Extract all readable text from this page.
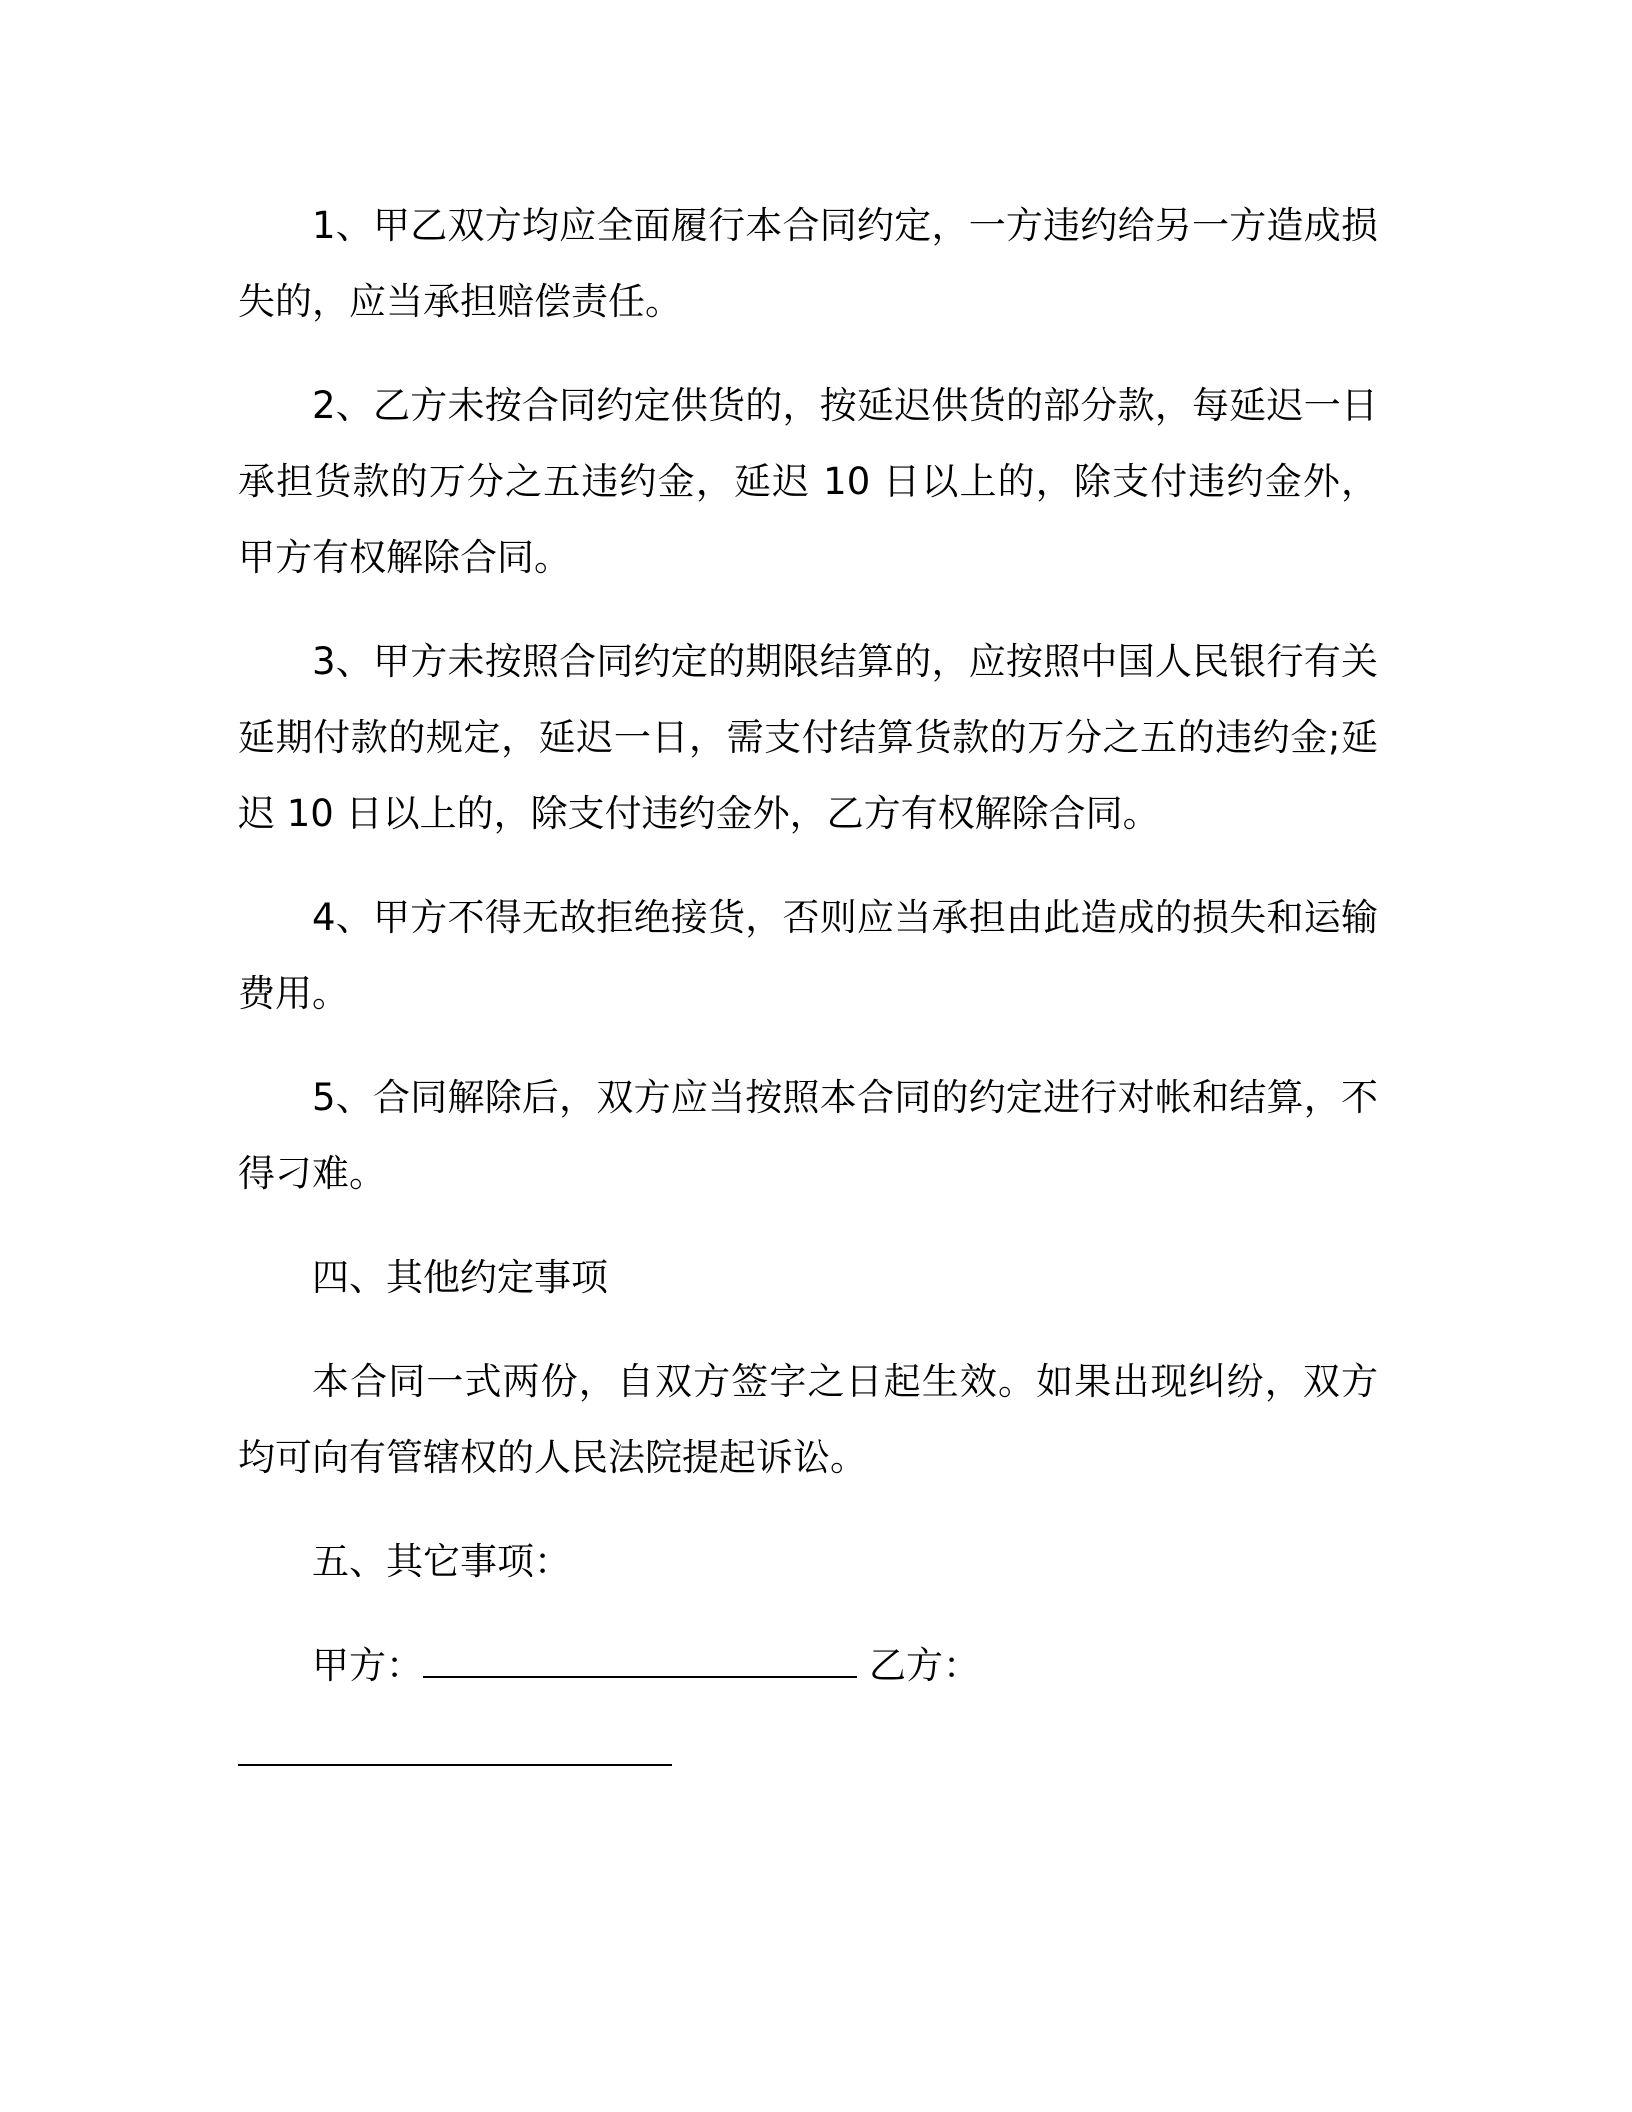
1、甲乙双方均应全面履行本合同约定，一方违约给另一方造成损失的，应当承担赔偿责任。

2、乙方未按合同约定供货的，按延迟供货的部分款，每延迟一日承担货款的万分之五违约金，延迟 10 日以上的，除支付违约金外，甲方有权解除合同。

3、甲方未按照合同约定的期限结算的，应按照中国人民银行有关延期付款的规定，延迟一日，需支付结算货款的万分之五的违约金;延迟 10 日以上的，除支付违约金外，乙方有权解除合同。

4、甲方不得无故拒绝接货，否则应当承担由此造成的损失和运输费用。

5、合同解除后，双方应当按照本合同的约定进行对帐和结算，不得刁难。

四、其他约定事项

本合同一式两份，自双方签字之日起生效。如果出现纠纷，双方均可向有管辖权的人民法院提起诉讼。

五、其它事项：

甲方：	乙方：
